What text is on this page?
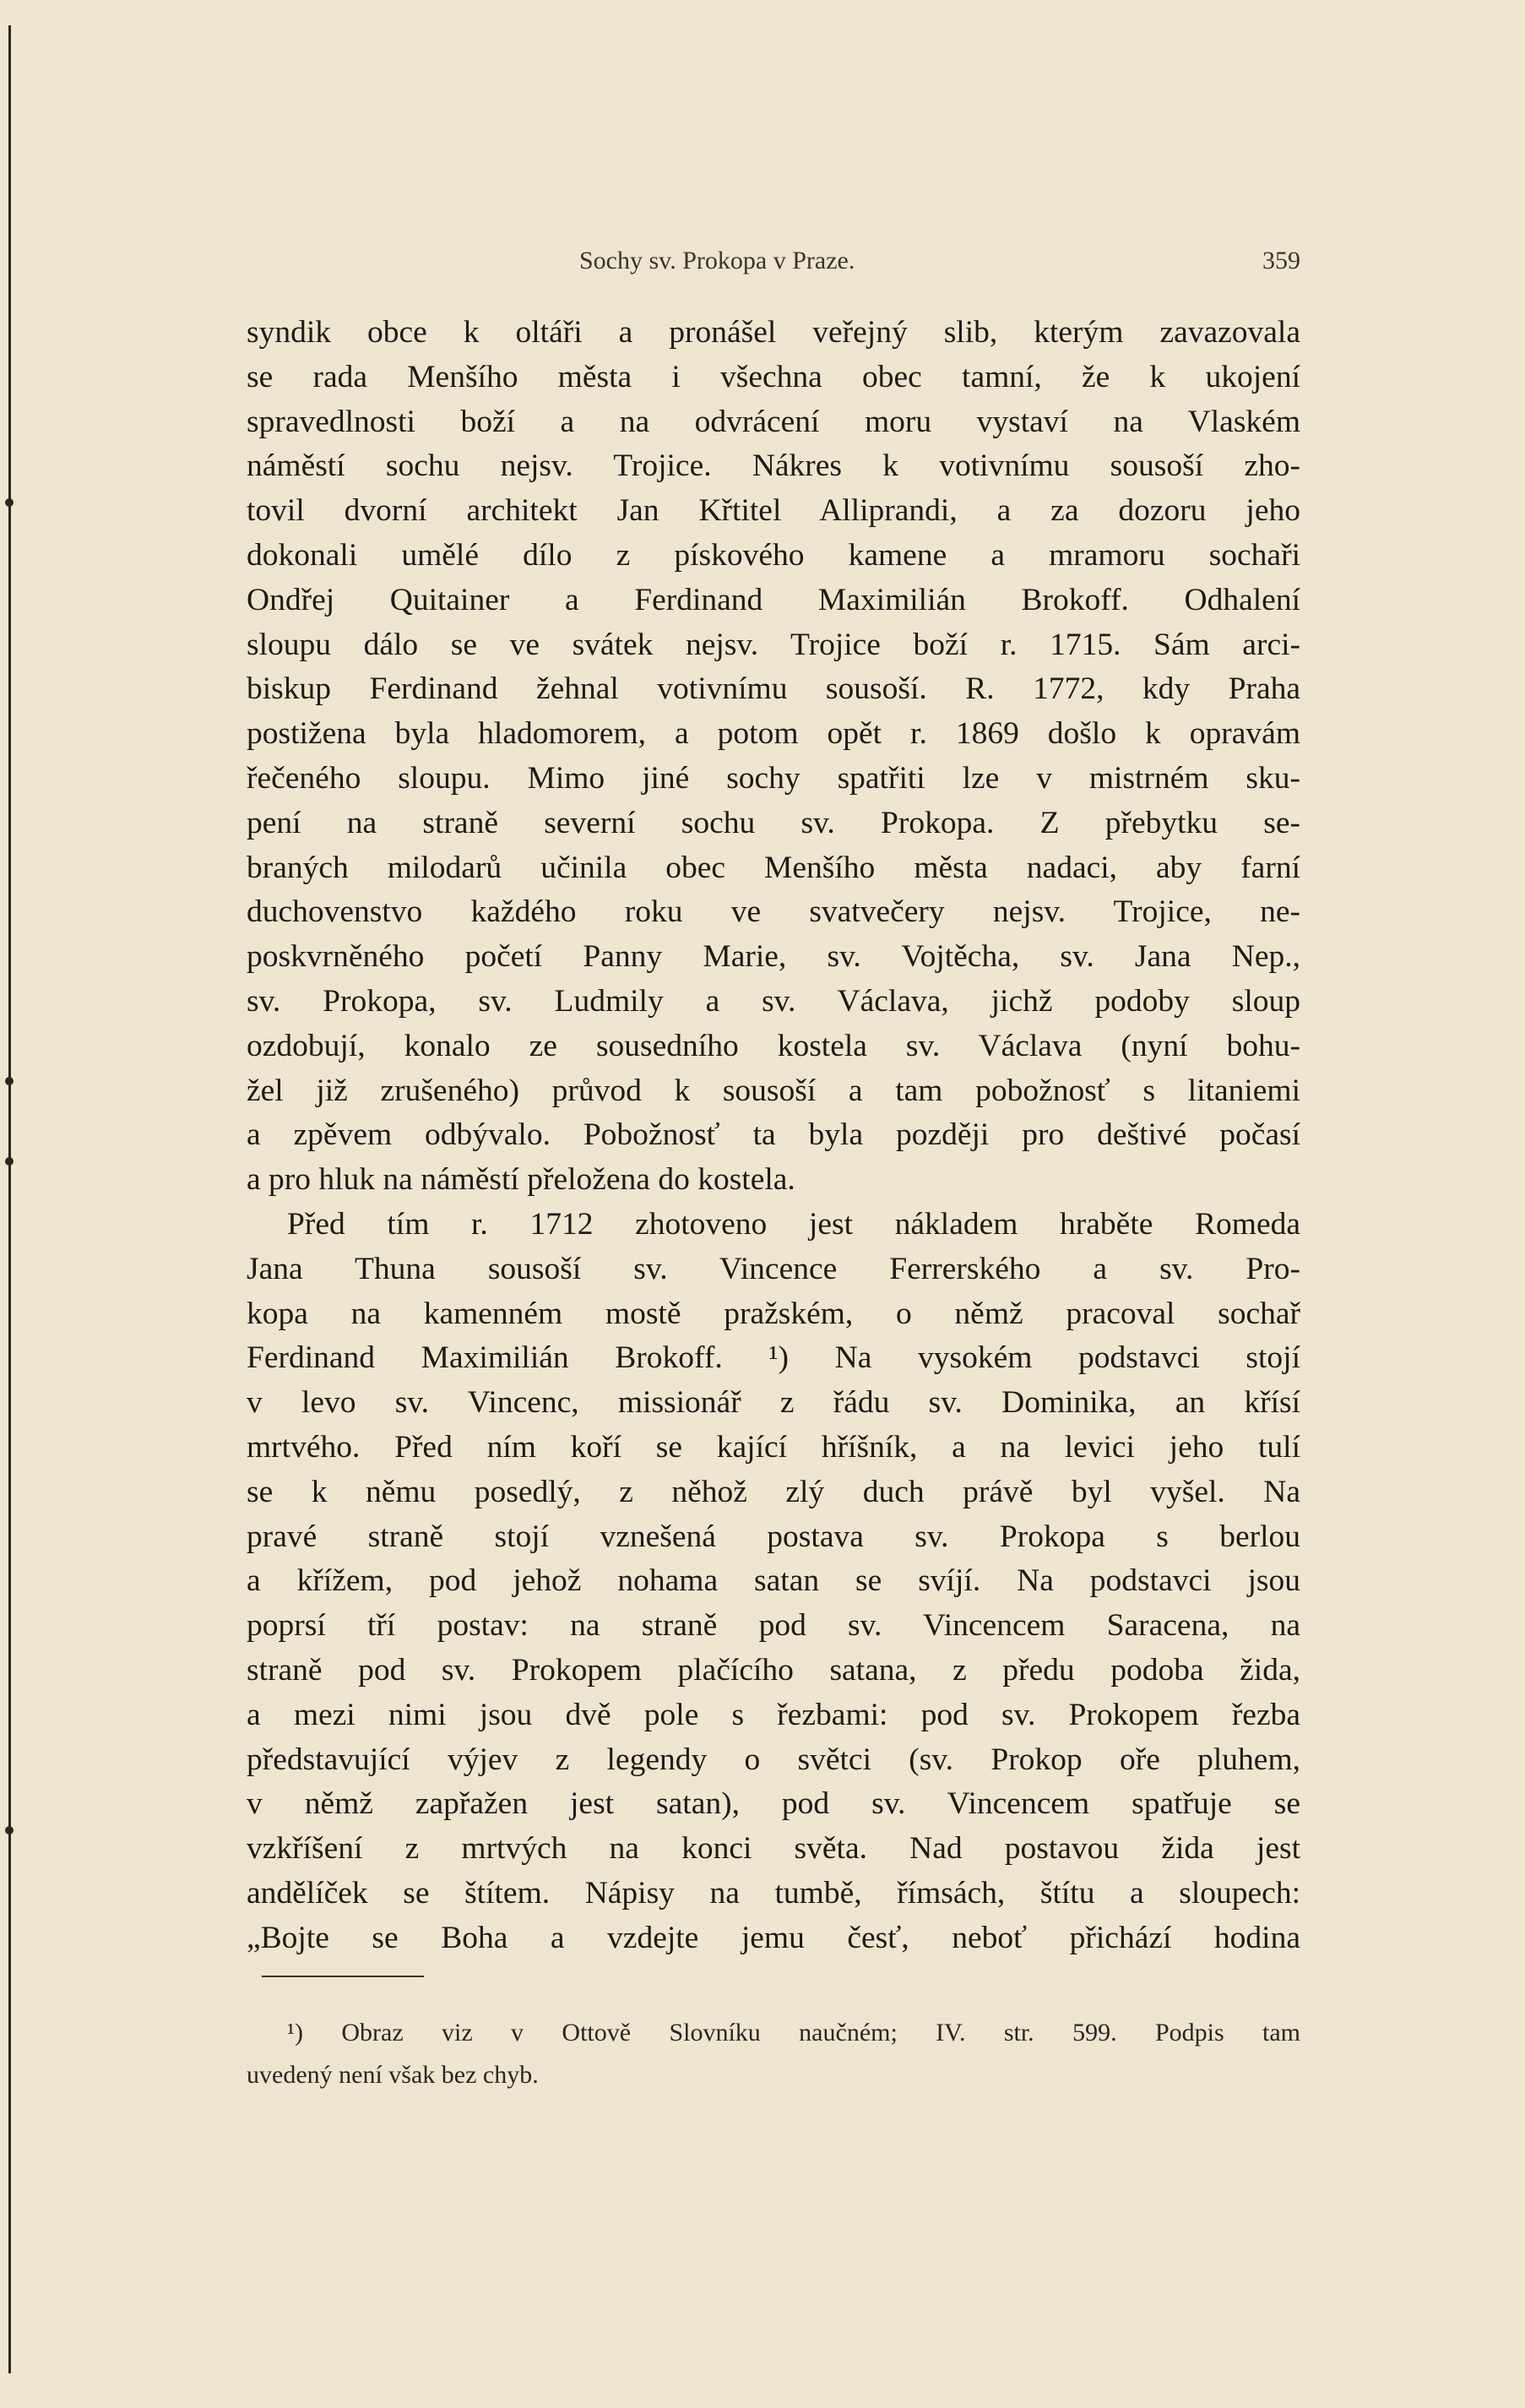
Sochy sv. Prokopa v Praze.	359
syndik obce k oltáři a pronášel veřejný slib, kterým zavazovala
se rada Menšího města i všechna obec tamní, že k ukojení
spravedlnosti boží a na odvrácení moru vystaví na Vlaském
náměstí sochu nejsv. Trojice. Nákres k votivnímu sousoší zho-
tovil dvorní architekt Jan Křtitel Alliprandi, a za dozoru jeho
dokonali umělé dílo z pískového kamene a mramoru sochaři
Ondřej Quitainer a Ferdinand Maximilián Brokoff. Odhalení
sloupu dálo se ve svátek nejsv. Trojice boží r. 1715. Sám arci-
biskup Ferdinand žehnal votivnímu sousoší. R. 1772, kdy Praha
postižena byla hladomorem, a potom opět r. 1869 došlo k opravám
řečeného sloupu. Mimo jiné sochy spatřiti lze v mistrném sku-
pení na straně severní sochu sv. Prokopa. Z přebytku se-
braných milodarů učinila obec Menšího města nadaci, aby farní
duchovenstvo každého roku ve svatvečery nejsv. Trojice, ne-
poskvrněného početí Panny Marie, sv. Vojtěcha, sv. Jana Nep.,
sv. Prokopa, sv. Ludmily a sv. Václava, jichž podoby sloup
ozdobují, konalo ze sousedního kostela sv. Václava (nyní bohu-
žel již zrušeného) průvod k sousoší a tam pobožnosť s litaniemi
a zpěvem odbývalo. Pobožnosť ta byla později pro deštivé počasí
a pro hluk na náměstí přeložena do kostela.
Před tím r. 1712 zhotoveno jest nákladem hraběte Romeda
Jana Thuna sousoší sv. Vincence Ferrerského a sv. Pro-
kopa na kamenném mostě pražském, o němž pracoval sochař
Ferdinand Maximilián Brokoff. ¹) Na vysokém podstavci stojí
v levo sv. Vincenc, missionář z řádu sv. Dominika, an křísí
mrtvého. Před ním koří se kající hříšník, a na levici jeho tulí
se k němu posedlý, z něhož zlý duch právě byl vyšel. Na
pravé straně stojí vznešená postava sv. Prokopa s berlou
a křížem, pod jehož nohama satan se svíjí. Na podstavci jsou
poprsí tří postav: na straně pod sv. Vincencem Saracena, na
straně pod sv. Prokopem plačícího satana, z předu podoba žida,
a mezi nimi jsou dvě pole s řezbami: pod sv. Prokopem řezba
představující výjev z legendy o světci (sv. Prokop oře pluhem,
v němž zapřažen jest satan), pod sv. Vincencem spatřuje se
vzkříšení z mrtvých na konci světa. Nad postavou žida jest
andělíček se štítem. Nápisy na tumbě, římsách, štítu a sloupech:
„Bojte se Boha a vzdejte jemu česť, neboť přichází hodina
¹) Obraz viz v Ottově Slovníku naučném; IV. str. 599. Podpis tam
uvedený není však bez chyb.
